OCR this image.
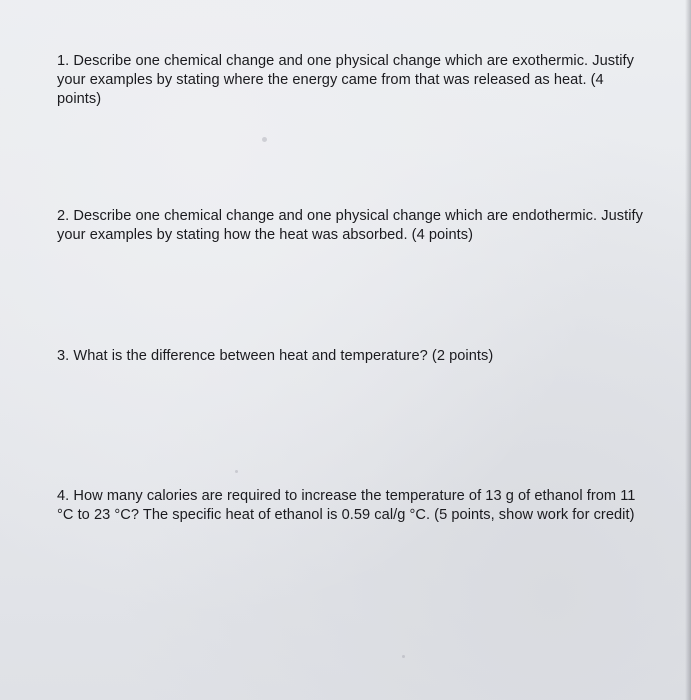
1. Describe one chemical change and one physical change which are exothermic. Justify your examples by stating where the energy came from that was released as heat. (4 points)

2. Describe one chemical change and one physical change which are endothermic. Justify your examples by stating how the heat was absorbed. (4 points)

3. What is the difference between heat and temperature? (2 points)

4. How many calories are required to increase the temperature of 13 g of ethanol from 11 °C to 23 °C? The specific heat of ethanol is 0.59 cal/g °C. (5 points, show work for credit)
